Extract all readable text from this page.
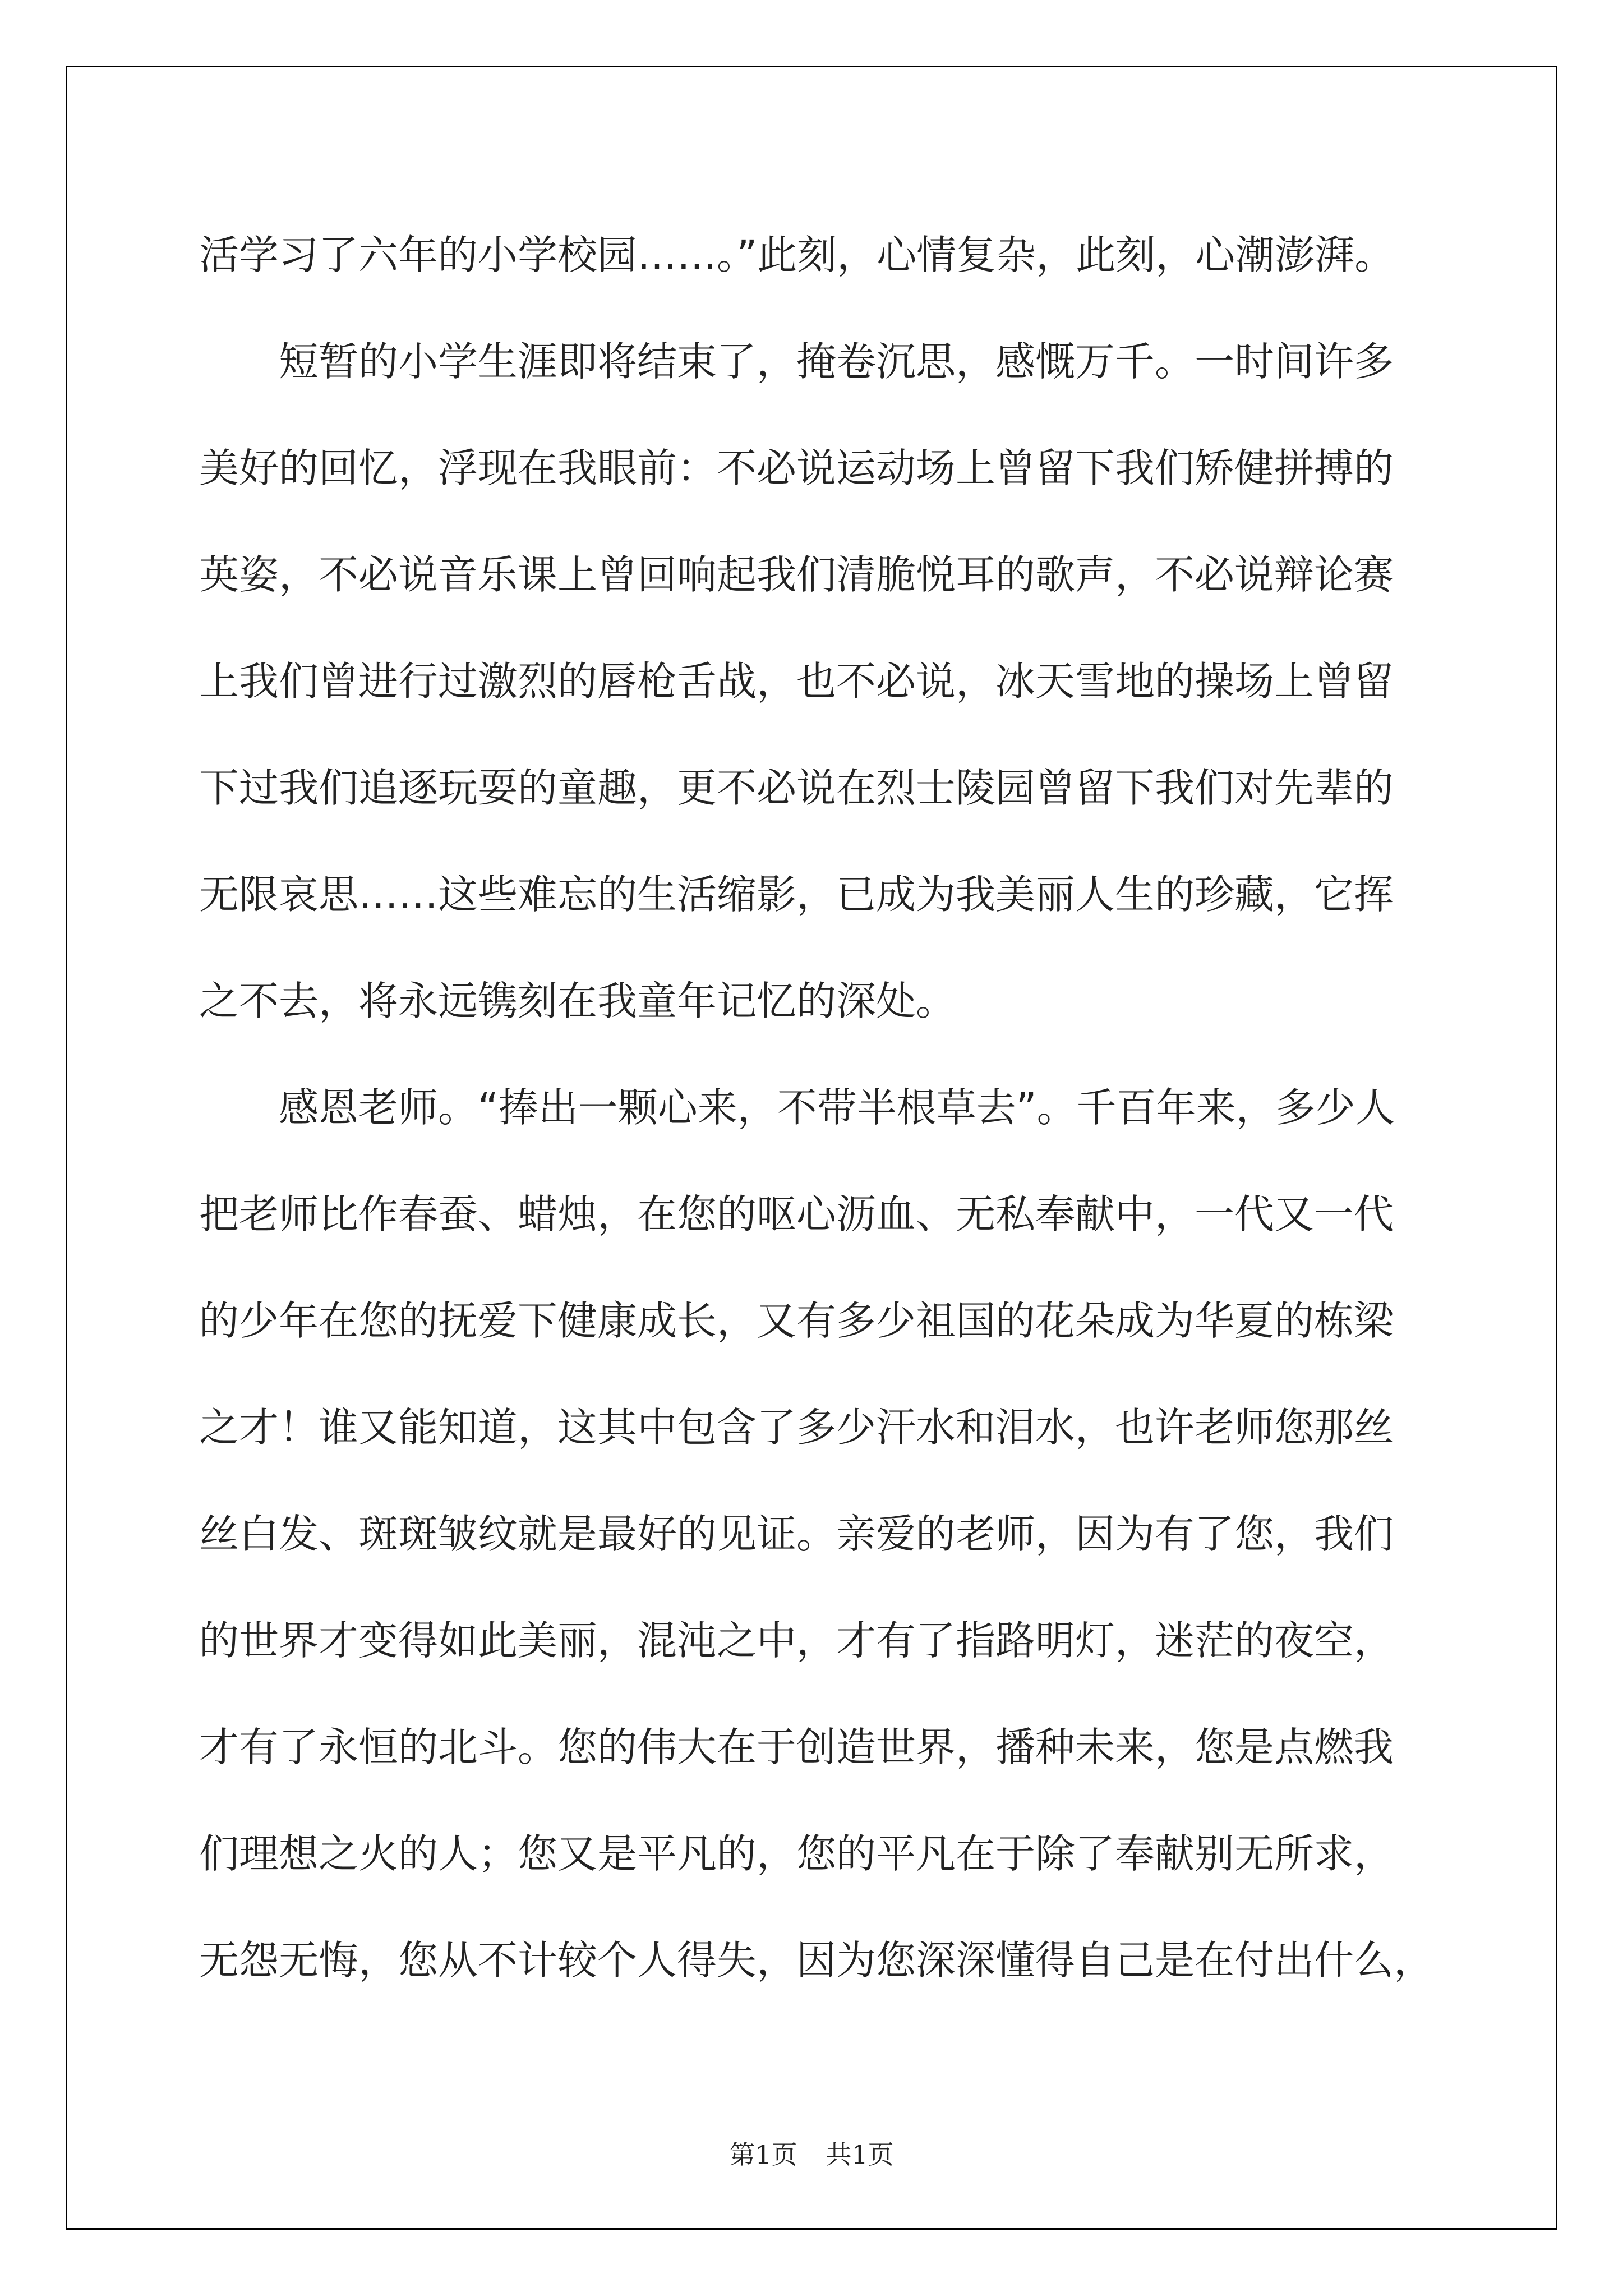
活学习了六年的小学校园……。”此刻，心情复杂，此刻，心潮澎湃。
短暂的小学生涯即将结束了，掩卷沉思，感慨万千。一时间许多
美好的回忆，浮现在我眼前：不必说运动场上曾留下我们矫健拼搏的
英姿，不必说音乐课上曾回响起我们清脆悦耳的歌声，不必说辩论赛
上我们曾进行过激烈的唇枪舌战，也不必说，冰天雪地的操场上曾留
下过我们追逐玩耍的童趣，更不必说在烈士陵园曾留下我们对先辈的
无限哀思……这些难忘的生活缩影，已成为我美丽人生的珍藏，它挥
之不去，将永远镌刻在我童年记忆的深处。
感恩老师。“捧出一颗心来，不带半根草去”。千百年来，多少人
把老师比作春蚕、蜡烛，在您的呕心沥血、无私奉献中，一代又一代
的少年在您的抚爱下健康成长，又有多少祖国的花朵成为华夏的栋梁
之才！谁又能知道，这其中包含了多少汗水和泪水，也许老师您那丝
丝白发、斑斑皱纹就是最好的见证。亲爱的老师，因为有了您，我们
的世界才变得如此美丽，混沌之中，才有了指路明灯，迷茫的夜空，
才有了永恒的北斗。您的伟大在于创造世界，播种未来，您是点燃我
们理想之火的人；您又是平凡的，您的平凡在于除了奉献别无所求，
无怨无悔，您从不计较个人得失，因为您深深懂得自己是在付出什么，
第1页 共1页
